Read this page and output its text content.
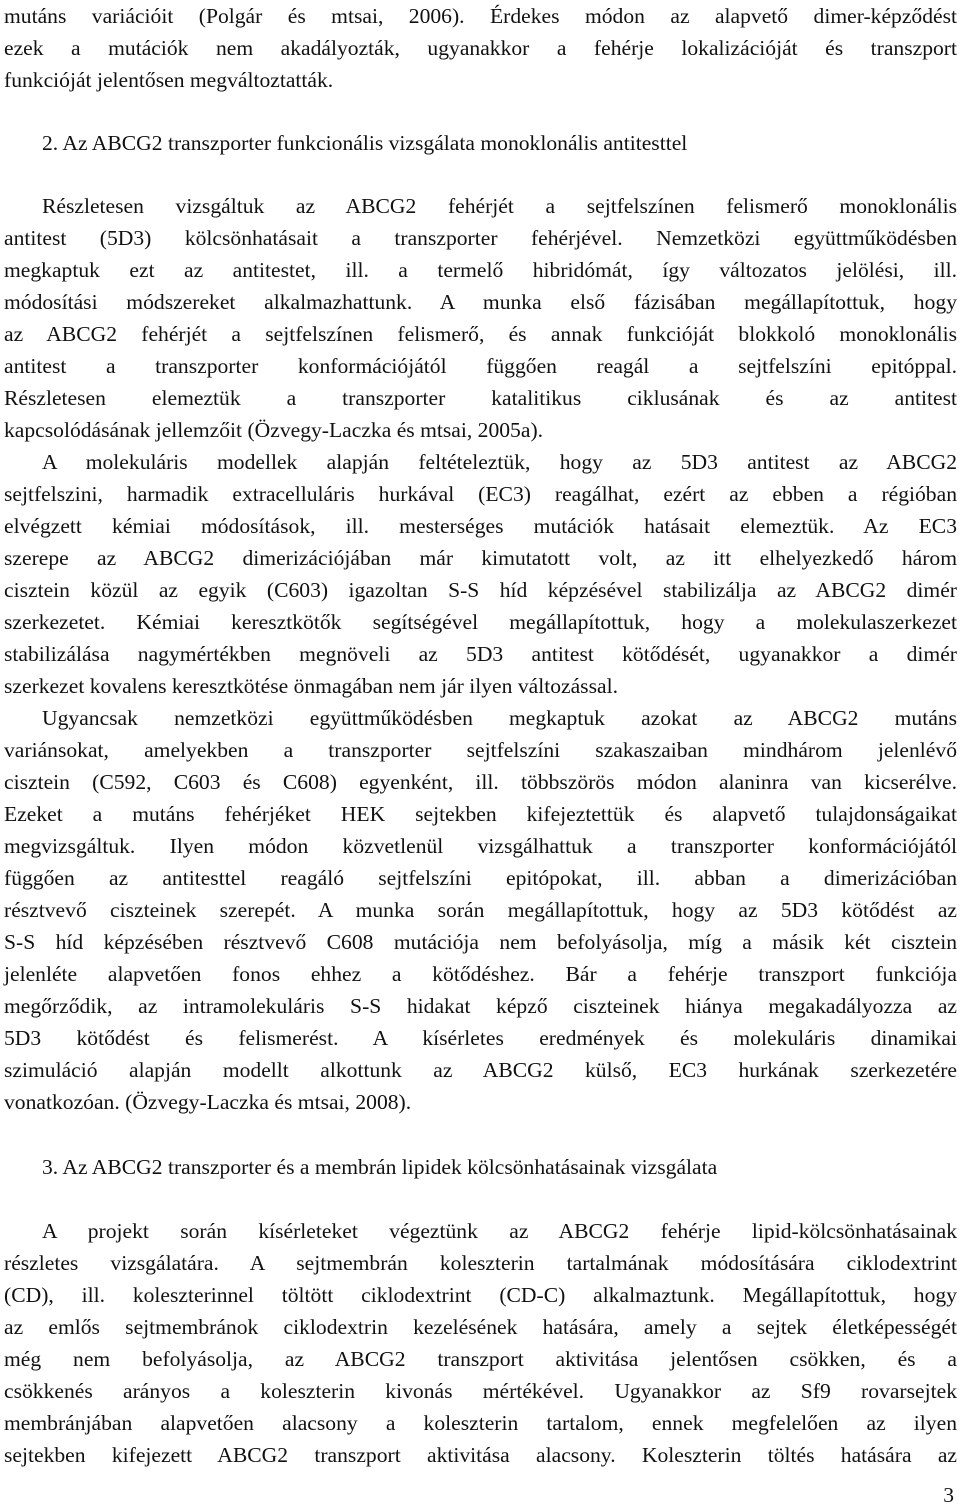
mutáns variációit (Polgár és mtsai, 2006). Érdekes módon az alapvető dimer-képződést
ezek a mutációk nem akadályozták, ugyanakkor a fehérje lokalizációját és transzport
funkcióját jelentősen megváltoztatták.
2. Az ABCG2 transzporter funkcionális vizsgálata monoklonális antitesttel
Részletesen vizsgáltuk az ABCG2 fehérjét a sejtfelszínen felismerő monoklonális
antitest (5D3) kölcsönhatásait a transzporter fehérjével. Nemzetközi együttműködésben
megkaptuk ezt az antitestet, ill. a termelő hibridómát, így változatos jelölési, ill.
módosítási módszereket alkalmazhattunk. A munka első fázisában megállapítottuk, hogy
az ABCG2 fehérjét a sejtfelszínen felismerő, és annak funkcióját blokkoló monoklonális
antitest a transzporter konformációjától függően reagál a sejtfelszíni epitóppal.
Részletesen elemeztük a transzporter katalitikus ciklusának és az antitest
kapcsolódásának jellemzőit (Özvegy-Laczka és mtsai, 2005a).
A molekuláris modellek alapján feltételeztük, hogy az 5D3 antitest az ABCG2
sejtfelszini, harmadik extracelluláris hurkával (EC3) reagálhat, ezért az ebben a régióban
elvégzett kémiai módosítások, ill. mesterséges mutációk hatásait elemeztük. Az EC3
szerepe az ABCG2 dimerizációjában már kimutatott volt, az itt elhelyezkedő három
cisztein közül az egyik (C603) igazoltan S-S híd képzésével stabilizálja az ABCG2 dimér
szerkezetet. Kémiai keresztkötők segítségével megállapítottuk, hogy a molekulaszerkezet
stabilizálása nagymértékben megnöveli az 5D3 antitest kötődését, ugyanakkor a dimér
szerkezet kovalens keresztkötése önmagában nem jár ilyen változással.
Ugyancsak nemzetközi együttműködésben megkaptuk azokat az ABCG2 mutáns
variánsokat, amelyekben a transzporter sejtfelszíni szakaszaiban mindhárom jelenlévő
cisztein (C592, C603 és C608) egyenként, ill. többszörös módon alaninra van kicserélve.
Ezeket a mutáns fehérjéket HEK sejtekben kifejeztettük és alapvető tulajdonságaikat
megvizsgáltuk. Ilyen módon közvetlenül vizsgálhattuk a transzporter konformációjától
függően az antitesttel reagáló sejtfelszíni epitópokat, ill. abban a dimerizációban
résztvevő ciszteinek szerepét. A munka során megállapítottuk, hogy az 5D3 kötődést az
S-S híd képzésében résztvevő C608 mutációja nem befolyásolja, míg a másik két cisztein
jelenléte alapvetően fonos ehhez a kötődéshez. Bár a fehérje transzport funkciója
megőrződik, az intramolekuláris S-S hidakat képző ciszteinek hiánya megakadályozza az
5D3 kötődést és felismerést. A kísérletes eredmények és molekuláris dinamikai
szimuláció alapján modellt alkottunk az ABCG2 külső, EC3 hurkának szerkezetére
vonatkozóan. (Özvegy-Laczka és mtsai, 2008).
3. Az ABCG2 transzporter és a membrán lipidek kölcsönhatásainak vizsgálata
A projekt során kísérleteket végeztünk az ABCG2 fehérje lipid-kölcsönhatásainak
részletes vizsgálatára. A sejtmembrán koleszterin tartalmának módosítására ciklodextrint
(CD), ill. koleszterinnel töltött ciklodextrint (CD-C) alkalmaztunk. Megállapítottuk, hogy
az emlős sejtmembránok ciklodextrin kezelésének hatására, amely a sejtek életképességét
még nem befolyásolja, az ABCG2 transzport aktivitása jelentősen csökken, és a
csökkenés arányos a koleszterin kivonás mértékével. Ugyanakkor az Sf9 rovarsejtek
membránjában alapvetően alacsony a koleszterin tartalom, ennek megfelelően az ilyen
sejtekben kifejezett ABCG2 transzport aktivitása alacsony. Koleszterin töltés hatására az
3
